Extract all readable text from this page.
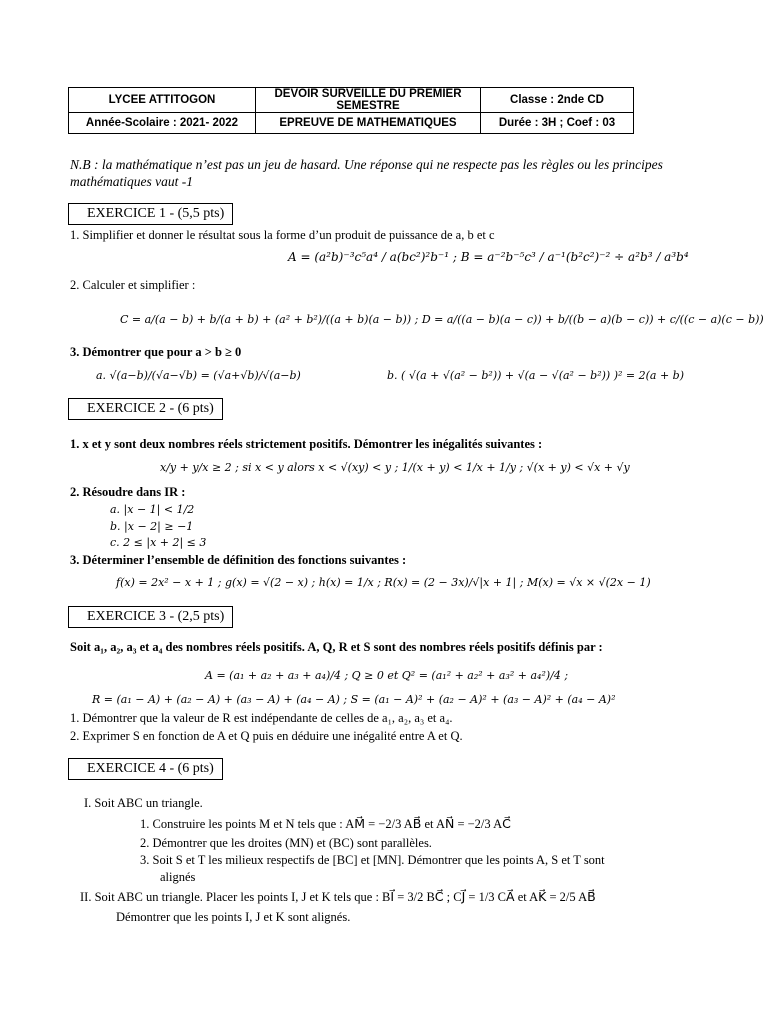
LYCEE ATTITOGON	DEVOIR SURVEILLE DU PREMIER SEMESTRE	Classe : 2nde CD
Année-Scolaire : 2021- 2022	EPREUVE DE MATHEMATIQUES	Durée : 3H ; Coef : 03
N.B : la mathématique n’est pas un jeu de hasard. Une réponse qui ne respecte pas les règles ou les principes mathématiques vaut -1
EXERCICE 1 - (5,5 pts)
1. Simplifier et donner le résultat sous la forme d’un produit de puissance de a, b et c
A = (a²b)⁻³c⁵a⁴ / a(bc²)²b⁻¹ ; B = a⁻²b⁻⁵c³ / a⁻¹(b²c²)⁻² ÷ a²b³ / a³b⁴
2. Calculer et simplifier :
C = a/(a − b) + b/(a + b) + (a² + b²)/((a + b)(a − b)) ; D = a/((a − b)(a − c)) + b/((b − a)(b − c)) + c/((c − a)(c − b))
3. Démontrer que pour a > b ≥ 0
a. √(a−b)/(√a−√b) = (√a+√b)/√(a−b)	b. ( √(a + √(a² − b²)) + √(a − √(a² − b²)) )² = 2(a + b)
EXERCICE 2 - (6 pts)
1. x et y sont deux nombres réels strictement positifs. Démontrer les inégalités suivantes :
x/y + y/x ≥ 2 ; si x < y alors x < √(xy) < y ; 1/(x + y) < 1/x + 1/y ; √(x + y) < √x + √y
2. Résoudre dans IR :
a. |x − 1| < 1/2
b. |x − 2| ≥ −1
c. 2 ≤ |x + 2| ≤ 3
3. Déterminer l’ensemble de définition des fonctions suivantes :
f(x) = 2x² − x + 1 ; g(x) = √(2 − x) ; h(x) = 1/x ; R(x) = (2 − 3x)/√|x + 1| ; M(x) = √x × √(2x − 1)
EXERCICE 3 - (2,5 pts)
Soit a₁, a₂, a₃ et a₄ des nombres réels positifs. A, Q, R et S sont des nombres réels positifs définis par :
A = (a₁ + a₂ + a₃ + a₄)/4 ; Q ≥ 0 et Q² = (a₁² + a₂² + a₃² + a₄²)/4 ;
R = (a₁ − A) + (a₂ − A) + (a₃ − A) + (a₄ − A) ; S = (a₁ − A)² + (a₂ − A)² + (a₃ − A)² + (a₄ − A)²
1. Démontrer que la valeur de R est indépendante de celles de a₁, a₂, a₃ et a₄.
2. Exprimer S en fonction de A et Q puis en déduire une inégalité entre A et Q.
EXERCICE 4 - (6 pts)
I. Soit ABC un triangle.
1. Construire les points M et N tels que : AM⃗ = −2/3 AB⃗ et AN⃗ = −2/3 AC⃗
2. Démontrer que les droites (MN) et (BC) sont parallèles.
3. Soit S et T les milieux respectifs de [BC] et [MN]. Démontrer que les points A, S et T sont
alignés
II. Soit ABC un triangle. Placer les points I, J et K tels que : BI⃗ = 3/2 BC⃗ ; CJ⃗ = 1/3 CA⃗ et AK⃗ = 2/5 AB⃗
Démontrer que les points I, J et K sont alignés.
